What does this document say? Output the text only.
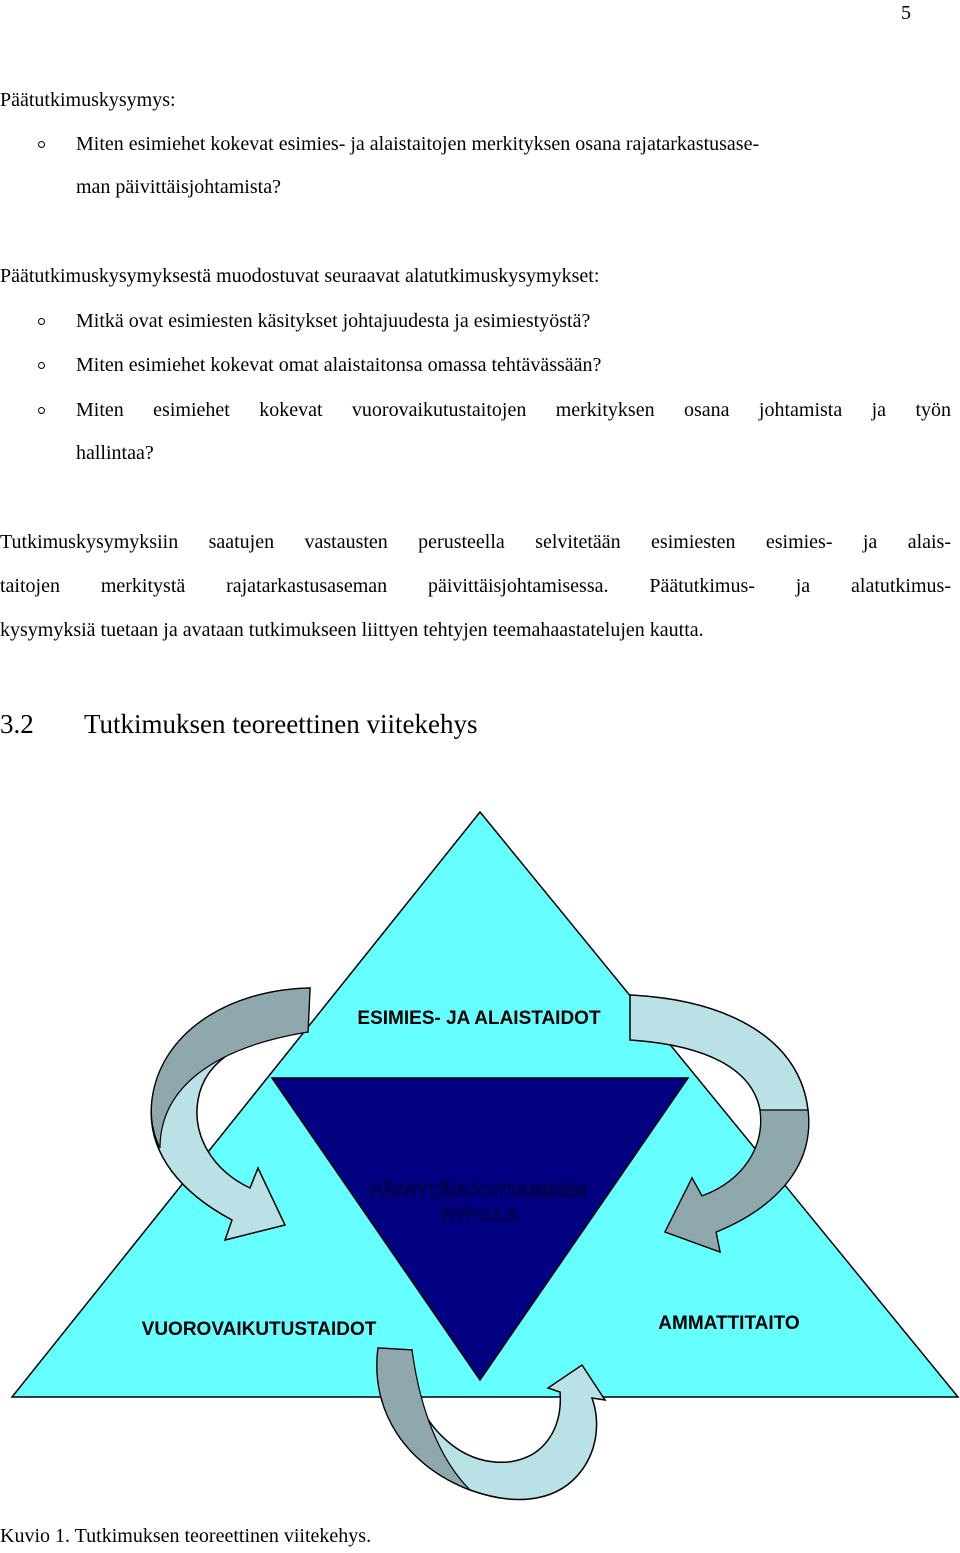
5
Päätutkimuskysymys:
Miten esimiehet kokevat esimies- ja alaistaitojen merkityksen osana rajatarkastusase-
man päivittäisjohtamista?
Päätutkimuskysymyksestä muodostuvat seuraavat alatutkimuskysymykset:
Mitkä ovat esimiesten käsitykset johtajuudesta ja esimiestyöstä?
Miten esimiehet kokevat omat alaistaitonsa omassa tehtävässään?
Miten esimiehet kokevat vuorovaikutustaitojen merkityksen osana johtamista ja työn
hallintaa?
Tutkimuskysymyksiin saatujen vastausten perusteella selvitetään esimiesten esimies- ja alais-
taitojen merkitystä rajatarkastusaseman päivittäisjohtamisessa. Päätutkimus- ja alatutkimus-
kysymyksiä tuetaan ja avataan tutkimukseen liittyen tehtyjen teemahaastatelujen kautta.
3.2 Tutkimuksen teoreettinen viitekehys
ESIMIES- JA ALAISTAIDOT
PÄIVITTÄISJOHTAMINEN
RYP:LLA
VUOROVAIKUTUSTAIDOT	AMMATTITAITO
Kuvio 1. Tutkimuksen teoreettinen viitekehys.
